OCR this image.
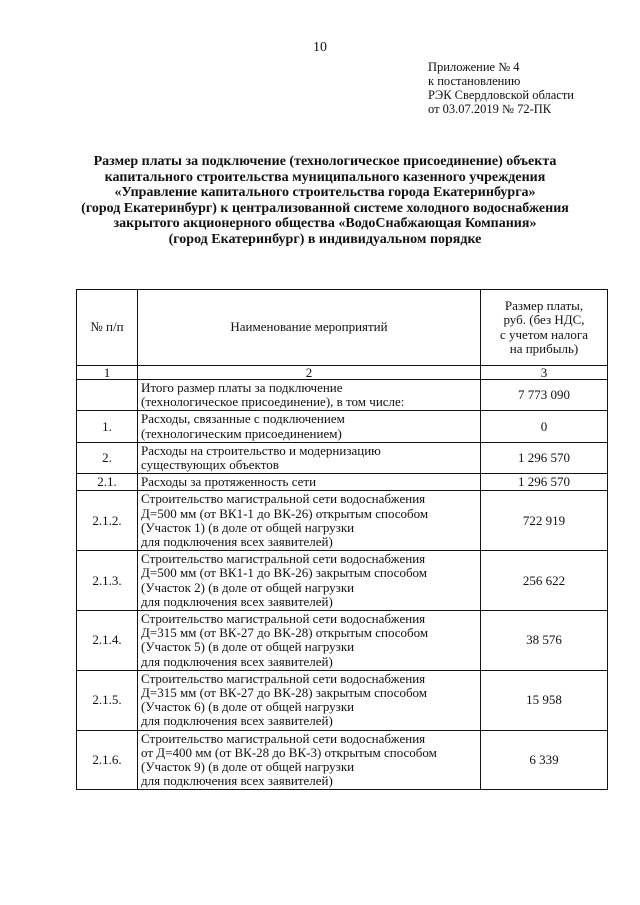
10
Приложение № 4
к постановлению
РЭК Свердловской области
от 03.07.2019 № 72-ПК
Размер платы за подключение (технологическое присоединение) объекта
капитального строительства муниципального казенного учреждения
«Управление капитального строительства города Екатеринбурга»
(город Екатеринбург) к централизованной системе холодного водоснабжения
закрытого акционерного общества «ВодоСнабжающая Компания»
(город Екатеринбург) в индивидуальном порядке
№ п/п	Наименование мероприятий	Размер платы,
руб. (без НДС,
с учетом налога
на прибыль)

1	2	3

	Итого размер платы за подключение
(технологическое присоединение), в том числе:	7 773 090
1.	Расходы, связанные с подключением
(технологическим присоединением)	0
2.	Расходы на строительство и модернизацию
существующих объектов	1 296 570
2.1.	Расходы за протяженность сети	1 296 570
2.1.2.	Строительство магистральной сети водоснабжения
Д=500 мм (от ВК1-1 до ВК-26) открытым способом
(Участок 1) (в доле от общей нагрузки
для подключения всех заявителей)	722 919
2.1.3.	Строительство магистральной сети водоснабжения
Д=500 мм (от ВК1-1 до ВК-26) закрытым способом
(Участок 2) (в доле от общей нагрузки
для подключения всех заявителей)	256 622
2.1.4.	Строительство магистральной сети водоснабжения
Д=315 мм (от ВК-27 до ВК-28) открытым способом
(Участок 5) (в доле от общей нагрузки
для подключения всех заявителей)	38 576
2.1.5.	Строительство магистральной сети водоснабжения
Д=315 мм (от ВК-27 до ВК-28) закрытым способом
(Участок 6) (в доле от общей нагрузки
для подключения всех заявителей)	15 958
2.1.6.	Строительство магистральной сети водоснабжения
от Д=400 мм (от ВК-28 до ВК-3) открытым способом
(Участок 9) (в доле от общей нагрузки
для подключения всех заявителей)	6 339
